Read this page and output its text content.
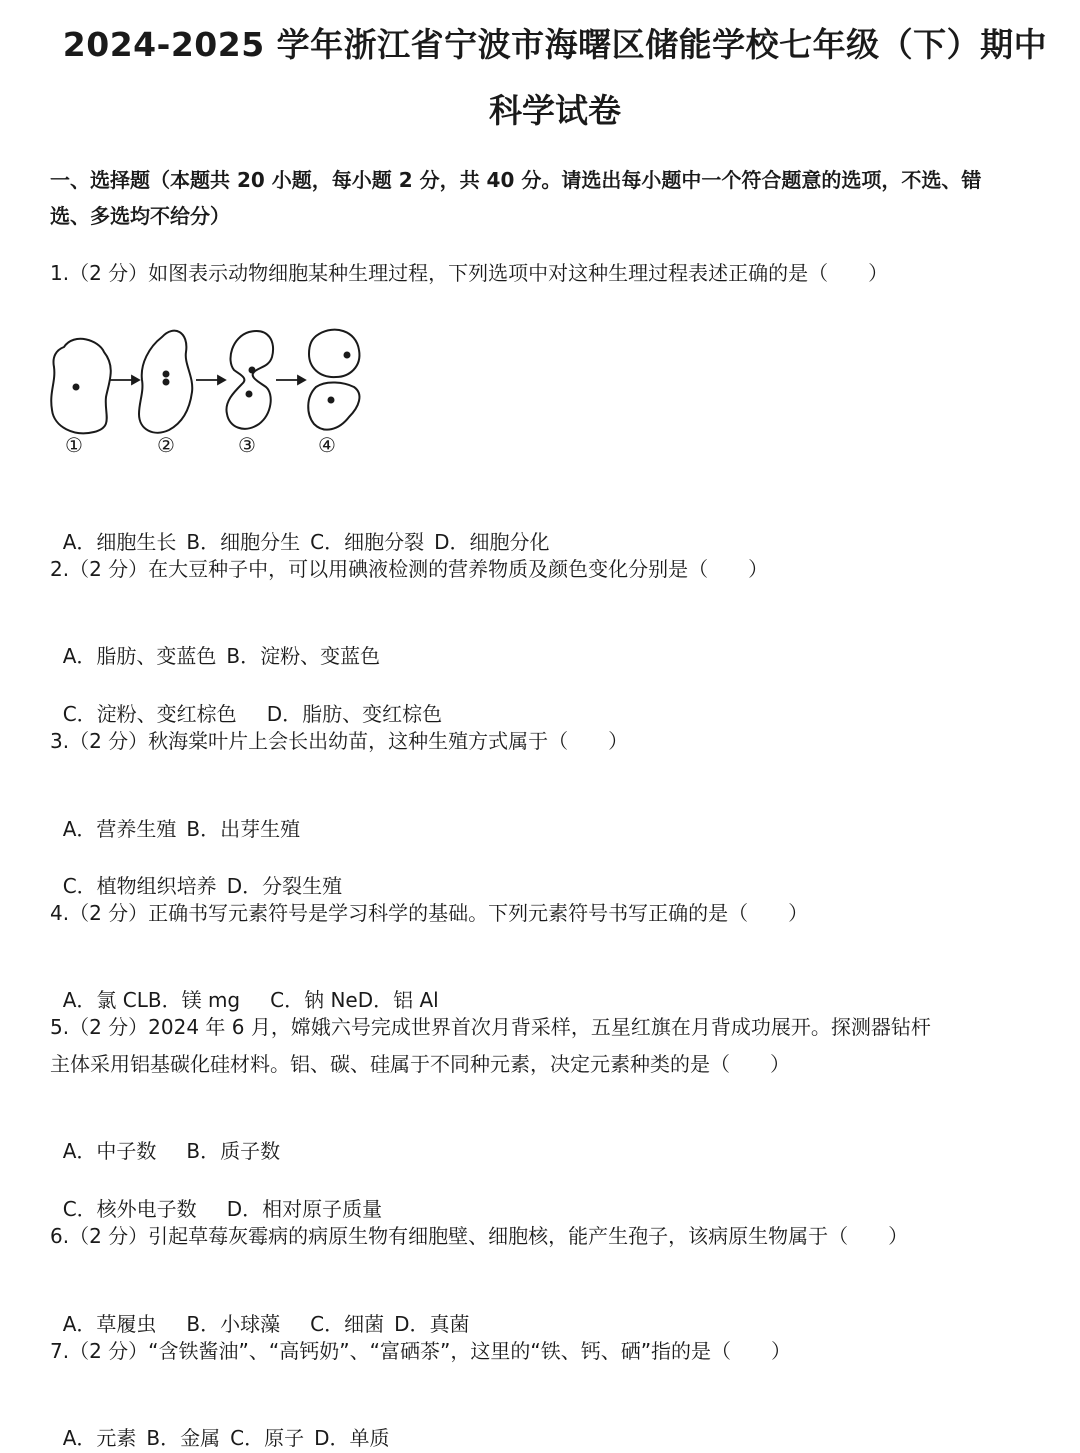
2024-2025 学年浙江省宁波市海曙区储能学校七年级（下）期中
科学试卷
一、选择题（本题共 20 小题，每小题 2 分，共 40 分。请选出每小题中一个符合题意的选项，不选、错选、多选均不给分）
1.（2 分）如图表示动物细胞某种生理过程，下列选项中对这种生理过程表述正确的是（　　）
①	②	③	④

A．细胞生长 B．细胞分生 C．细胞分裂 D．细胞分化

2.（2 分）在大豆种子中，可以用碘液检测的营养物质及颜色变化分别是（　　）

A．脂肪、变蓝色 B．淀粉、变蓝色

C．淀粉、变红棕色 D．脂肪、变红棕色

3.（2 分）秋海棠叶片上会长出幼苗，这种生殖方式属于（　　）

A．营养生殖 B．出芽生殖

C．植物组织培养 D．分裂生殖

4.（2 分）正确书写元素符号是学习科学的基础。下列元素符号书写正确的是（　　）

A．氯 CLB．镁 mg C．钠 NeD．铝 Al

5.（2 分）2024 年 6 月，嫦娥六号完成世界首次月背采样，五星红旗在月背成功展开。探测器钻杆
主体采用铝基碳化硅材料。铝、碳、硅属于不同种元素，决定元素种类的是（　　）

A．中子数 B．质子数

C．核外电子数 D．相对原子质量

6.（2 分）引起草莓灰霉病的病原生物有细胞壁、细胞核，能产生孢子，该病原生物属于（　　）

A．草履虫 B．小球藻 C．细菌 D．真菌

7.（2 分）“含铁酱油”、“高钙奶”、“富硒茶”，这里的“铁、钙、硒”指的是（　　）

A．元素 B．金属 C．原子 D．单质
